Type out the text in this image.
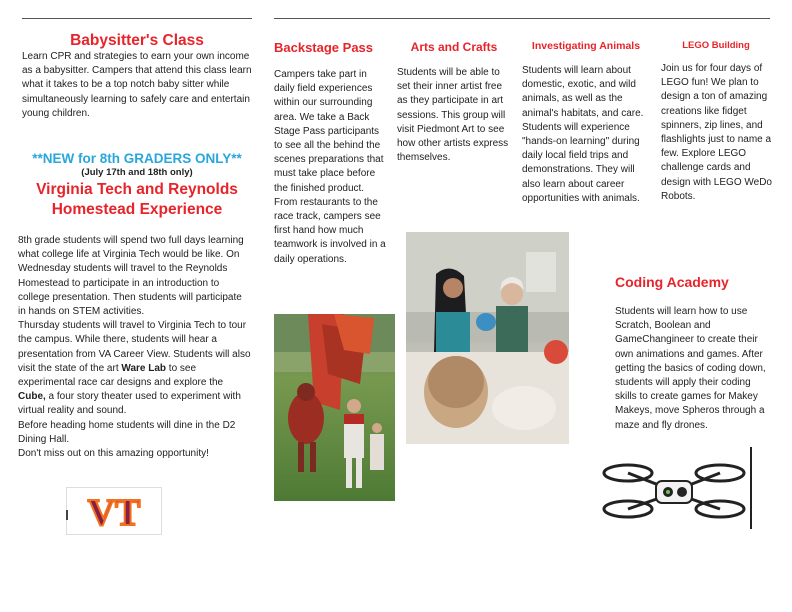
Babysitter's Class
Learn CPR and strategies to earn your own income as a babysitter. Campers that attend this class learn what it takes to be a top notch baby sitter while simultaneously learning to safely care and entertain young children.
**NEW for 8th GRADERS ONLY**
(July 17th and 18th only)
Virginia Tech and Reynolds
Homestead Experience
8th grade students will spend two full days learning what college life at Virginia Tech would be like. On Wednesday students will travel to the Reynolds Homestead to participate in an introduction to college presentation. Then students will participate in hands on STEM activities.
Thursday students will travel to Virginia Tech to tour the campus. While there, students will hear a presentation from VA Career View. Students will also visit the state of the art Ware Lab to see experimental race car designs and explore the Cube, a four story theater used to experiment with virtual reality and sound.
Before heading home students will dine in the D2 Dining Hall.
Don't miss out on this amazing opportunity!
VT
Backstage Pass
Campers take part in daily field experiences within our surrounding area. We take a Back Stage Pass participants to see all the behind the scenes preparations that must take place before the finished product. From restaurants to the race track, campers see first hand how much teamwork is involved in a daily operations.
Arts and Crafts
Students will be able to set their inner artist free as they participate in art sessions. This group will visit Piedmont Art to see how other artists express themselves.
Investigating Animals
Students will learn about domestic, exotic, and wild animals, as well as the animal's habitats, and care. Students will experience "hands-on learning" during daily local field trips and demonstrations. They will also learn about career opportunities with animals.
LEGO Building
Join us for four days of LEGO fun! We plan to design a ton of amazing creations like fidget spinners, zip lines, and flashlights just to name a few. Explore LEGO challenge cards and design with LEGO WeDo Robots.
Coding Academy
Students will learn how to use Scratch, Boolean and GameChangineer to create their own animations and games. After getting the basics of coding down, students will apply their coding skills to create games for Makey Makeys, move Spheros through a maze and fly drones.
